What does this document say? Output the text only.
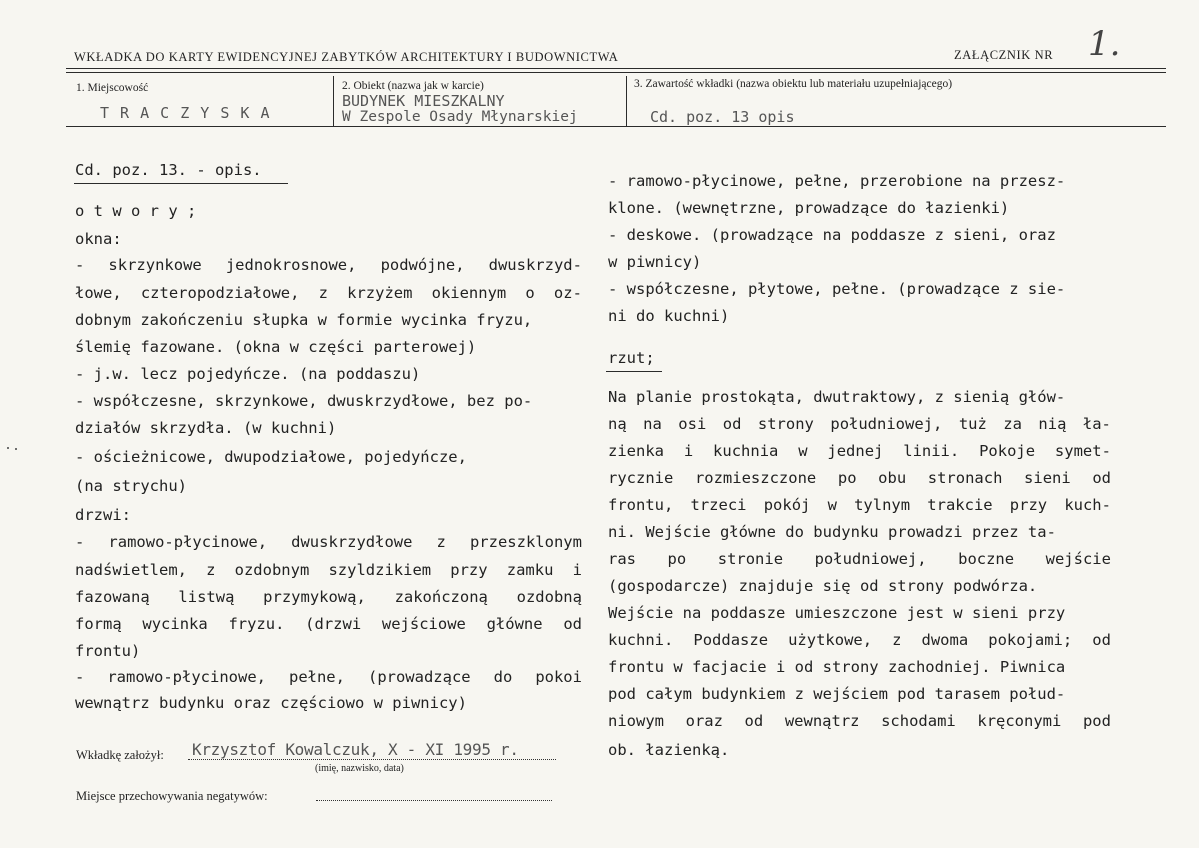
WKŁADKA DO KARTY EWIDENCYJNEJ ZABYTKÓW ARCHITEKTURY I BUDOWNICTWA	ZAŁĄCZNIK NR 1.
1. Miejscowość
T R A C Z Y S K A
2. Obiekt (nazwa jak w karcie)
BUDYNEK MIESZKALNY
W Zespole Osady Młynarskiej
3. Zawartość wkładki (nazwa obiektu lub materiału uzupełniającego)
Cd. poz. 13 opis
Cd. poz. 13. - opis.
o t w o r y ;
okna:
- skrzynkowe jednokrosnowe, podwójne, dwuskrzyd-
łowe, czteropodziałowe, z krzyżem okiennym o oz-
dobnym zakończeniu słupka w formie wycinka fryzu,
ślemię fazowane. (okna w części parterowej)
- j.w. lecz pojedyńcze. (na poddaszu)
- współczesne, skrzynkowe, dwuskrzydłowe, bez po-
działów skrzydła. (w kuchni)
- ościeżnicowe, dwupodziałowe, pojedyńcze,
(na strychu)
drzwi:
- ramowo-płycinowe, dwuskrzydłowe z przeszklonym
nadświetlem, z ozdobnym szyldzikiem przy zamku i
fazowaną listwą przymykową, zakończoną ozdobną
formą wycinka fryzu. (drzwi wejściowe główne od
frontu)
- ramowo-płycinowe, pełne, (prowadzące do pokoi
wewnątrz budynku oraz częściowo w piwnicy)
- ramowo-płycinowe, pełne, przerobione na przesz-
klone. (wewnętrzne, prowadzące do łazienki)
- deskowe. (prowadzące na poddasze z sieni, oraz
w piwnicy)
- współczesne, płytowe, pełne. (prowadzące z sie-
ni do kuchni)
rzut;
Na planie prostokąta, dwutraktowy, z sienią głów-
ną na osi od strony południowej, tuż za nią ła-
zienka i kuchnia w jednej linii. Pokoje symet-
rycznie rozmieszczone po obu stronach sieni od
frontu, trzeci pokój w tylnym trakcie przy kuch-
ni. Wejście główne do budynku prowadzi przez ta-
ras po stronie południowej, boczne wejście
(gospodarcze) znajduje się od strony podwórza.
Wejście na poddasze umieszczone jest w sieni przy
kuchni. Poddasze użytkowe, z dwoma pokojami; od
frontu w facjacie i od strony zachodniej. Piwnica
pod całym budynkiem z wejściem pod tarasem połud-
niowym oraz od wewnątrz schodami kręconymi pod
ob. łazienką.
Wkładkę założył: Krzysztof Kowalczuk, X - XI 1995 r.
(imię, nazwisko, data)
Miejsce przechowywania negatywów:
